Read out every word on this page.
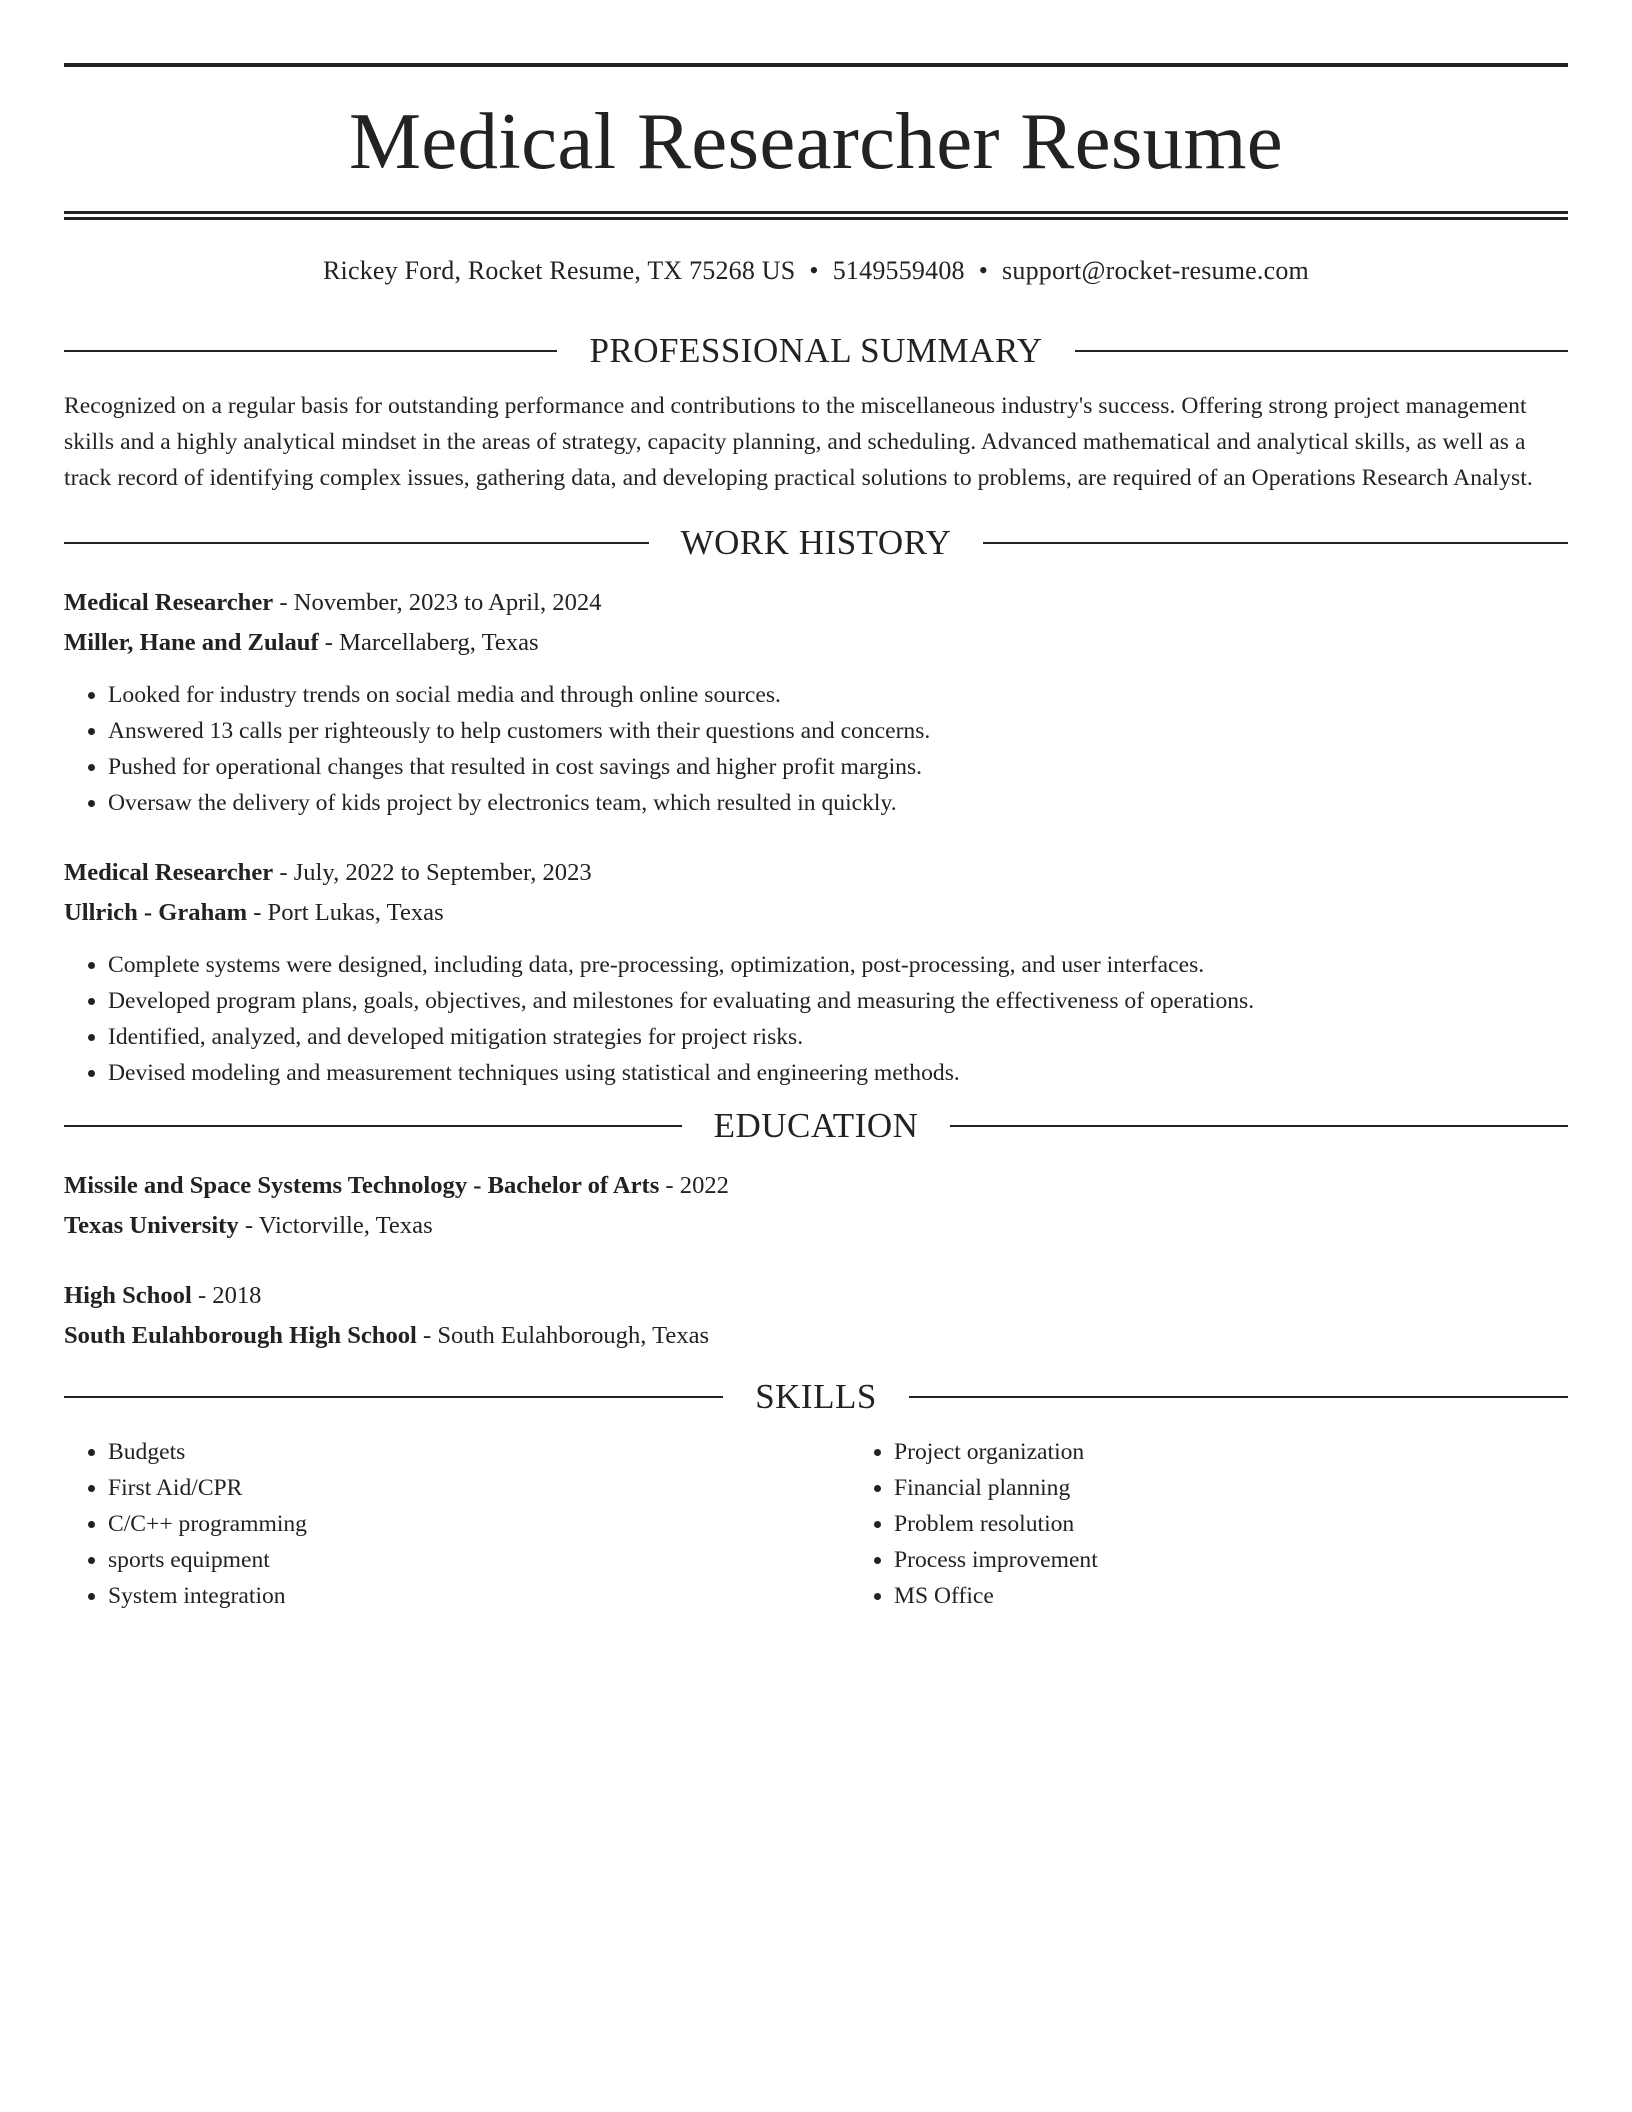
Medical Researcher Resume
Rickey Ford, Rocket Resume, TX 75268 US • 5149559408 • support@rocket-resume.com
PROFESSIONAL SUMMARY
Recognized on a regular basis for outstanding performance and contributions to the miscellaneous industry's success. Offering strong project management skills and a highly analytical mindset in the areas of strategy, capacity planning, and scheduling. Advanced mathematical and analytical skills, as well as a track record of identifying complex issues, gathering data, and developing practical solutions to problems, are required of an Operations Research Analyst.
WORK HISTORY
Medical Researcher - November, 2023 to April, 2024
Miller, Hane and Zulauf - Marcellaberg, Texas
• Looked for industry trends on social media and through online sources.
• Answered 13 calls per righteously to help customers with their questions and concerns.
• Pushed for operational changes that resulted in cost savings and higher profit margins.
• Oversaw the delivery of kids project by electronics team, which resulted in quickly.
Medical Researcher - July, 2022 to September, 2023
Ullrich - Graham - Port Lukas, Texas
• Complete systems were designed, including data, pre-processing, optimization, post-processing, and user interfaces.
• Developed program plans, goals, objectives, and milestones for evaluating and measuring the effectiveness of operations.
• Identified, analyzed, and developed mitigation strategies for project risks.
• Devised modeling and measurement techniques using statistical and engineering methods.
EDUCATION
Missile and Space Systems Technology - Bachelor of Arts - 2022
Texas University - Victorville, Texas
High School - 2018
South Eulahborough High School - South Eulahborough, Texas
SKILLS
• Budgets
• First Aid/CPR
• C/C++ programming
• sports equipment
• System integration
• Project organization
• Financial planning
• Problem resolution
• Process improvement
• MS Office
